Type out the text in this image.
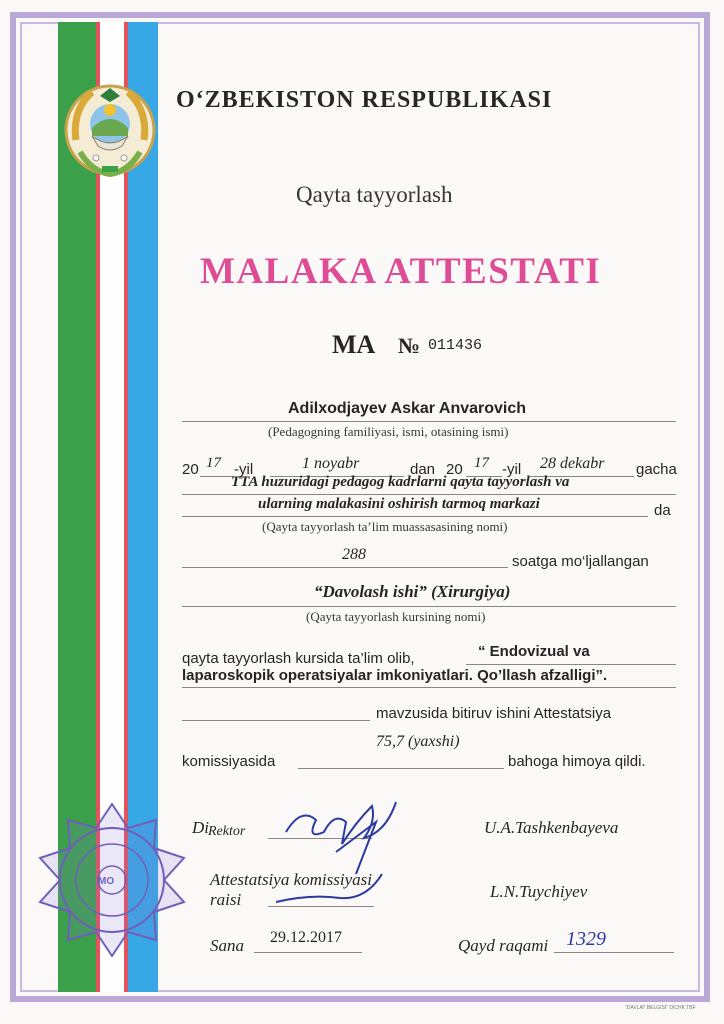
O‘ZBEKISTON RESPUBLIKASI
Qayta tayyorlash
MALAKA ATTESTATI
MA № 011436
Adilxodjayev Askar Anvarovich
(Pedagogning familiyasi, ismi, otasining ismi)
20 17 -yil	1 noyabr	dan 20 17 -yil 28 dekabr gacha
TTA huzuridagi pedagog kadrlarni qayta tayyorlash va
ularning malakasini oshirish tarmoq markazi	da
(Qayta tayyorlash ta’lim muassasasining nomi)
288	soatga mo‘ljallangan
“Davolash ishi” (Xirurgiya)
(Qayta tayyorlash kursining nomi)
qayta tayyorlash kursida ta’lim olib,	“ Endovizual va
laparoskopik operatsiyalar imkoniyatlari. Qo’llash afzalligi”.
mavzusida bitiruv ishini Attestatsiya
75,7 (yaxshi)
komissiyasida	bahoga himoya qildi.
Di Rektor	U.A.Tashkenbayeva
Attestatsiya komissiyasi
raisi	L.N.Tuychiyev
Sana 29.12.2017	Qayd raqami 1329
MO
"DAVLAT BELGISI" DICHK TBF
